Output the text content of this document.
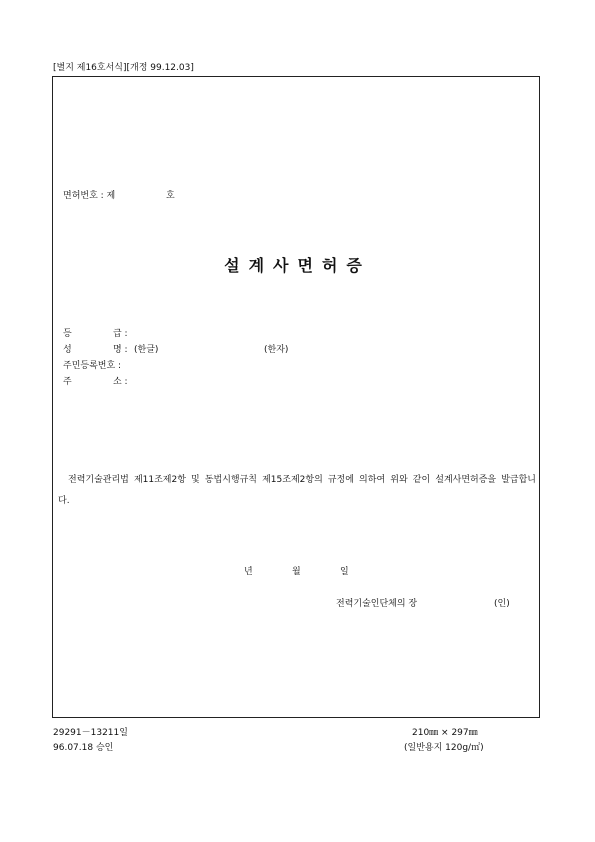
[별지 제16호서식][개정 99.12.03]
면허번호 : 제	호
설계사면허증
등	급 :
성	명 : (한글)	(한자)
주민등록번호 :
주	소 :
전력기술관리법 제11조제2항 및 동법시행규칙 제15조제2항의 규정에 의하여 위와 같이 설계사면허증을 발급합니다.
년	월	일
전력기술인단체의 장	(인)
29291－13211일
96.07.18 승인
210㎜ × 297㎜
(일반용지 120g/㎡)
